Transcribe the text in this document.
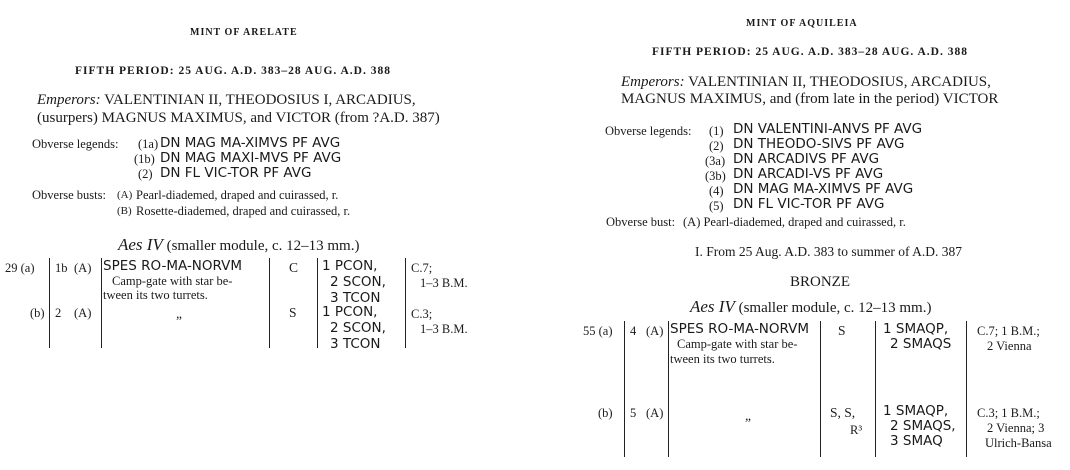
MINT OF ARELATE
FIFTH PERIOD: 25 AUG. A.D. 383–28 AUG. A.D. 388
Emperors: VALENTINIAN II, THEODOSIUS I, ARCADIUS,
(usurpers) MAGNUS MAXIMUS, and VICTOR (from ?A.D. 387)
Obverse legends: (1a) DN MAG MA-XIMVS PF AVG
(1b) DN MAG MAXI-MVS PF AVG
(2) DN FL VIC-TOR PF AVG
Obverse busts: (A) Pearl-diademed, draped and cuirassed, r.
(B) Rosette-diademed, draped and cuirassed, r.
Aes IV (smaller module, c. 12–13 mm.)
29 (a) 1b (A) SPES RO-MA-NORVM
Camp-gate with star be-
tween its two turrets.
C 1 PCON,
2 SCON,
3 TCON
C.7;
1–3 B.M.
(b) 2 (A)	„	S 1 PCON,
2 SCON,
3 TCON
C.3;
1–3 B.M.
MINT OF AQUILEIA
FIFTH PERIOD: 25 AUG. A.D. 383–28 AUG. A.D. 388
Emperors: VALENTINIAN II, THEODOSIUS, ARCADIUS,
MAGNUS MAXIMUS, and (from late in the period) VICTOR
Obverse legends: (1) DN VALENTINI-ANVS PF AVG
(2) DN THEODO-SIVS PF AVG
(3a) DN ARCADIVS PF AVG
(3b) DN ARCADI-VS PF AVG
(4) DN MAG MA-XIMVS PF AVG
(5) DN FL VIC-TOR PF AVG
Obverse bust: (A) Pearl-diademed, draped and cuirassed, r.
I. From 25 Aug. A.D. 383 to summer of A.D. 387
BRONZE
Aes IV (smaller module, c. 12–13 mm.)
55 (a) 4 (A) SPES RO-MA-NORVM
Camp-gate with star be-
tween its two turrets.
S	1 SMAQP,
2 SMAQS
C.7; 1 B.M.;
2 Vienna
(b) 5 (A)	„	S, S,
R³
1 SMAQP,
2 SMAQS,
3 SMAQ
C.3; 1 B.M.;
2 Vienna; 3
Ulrich-Bansa
